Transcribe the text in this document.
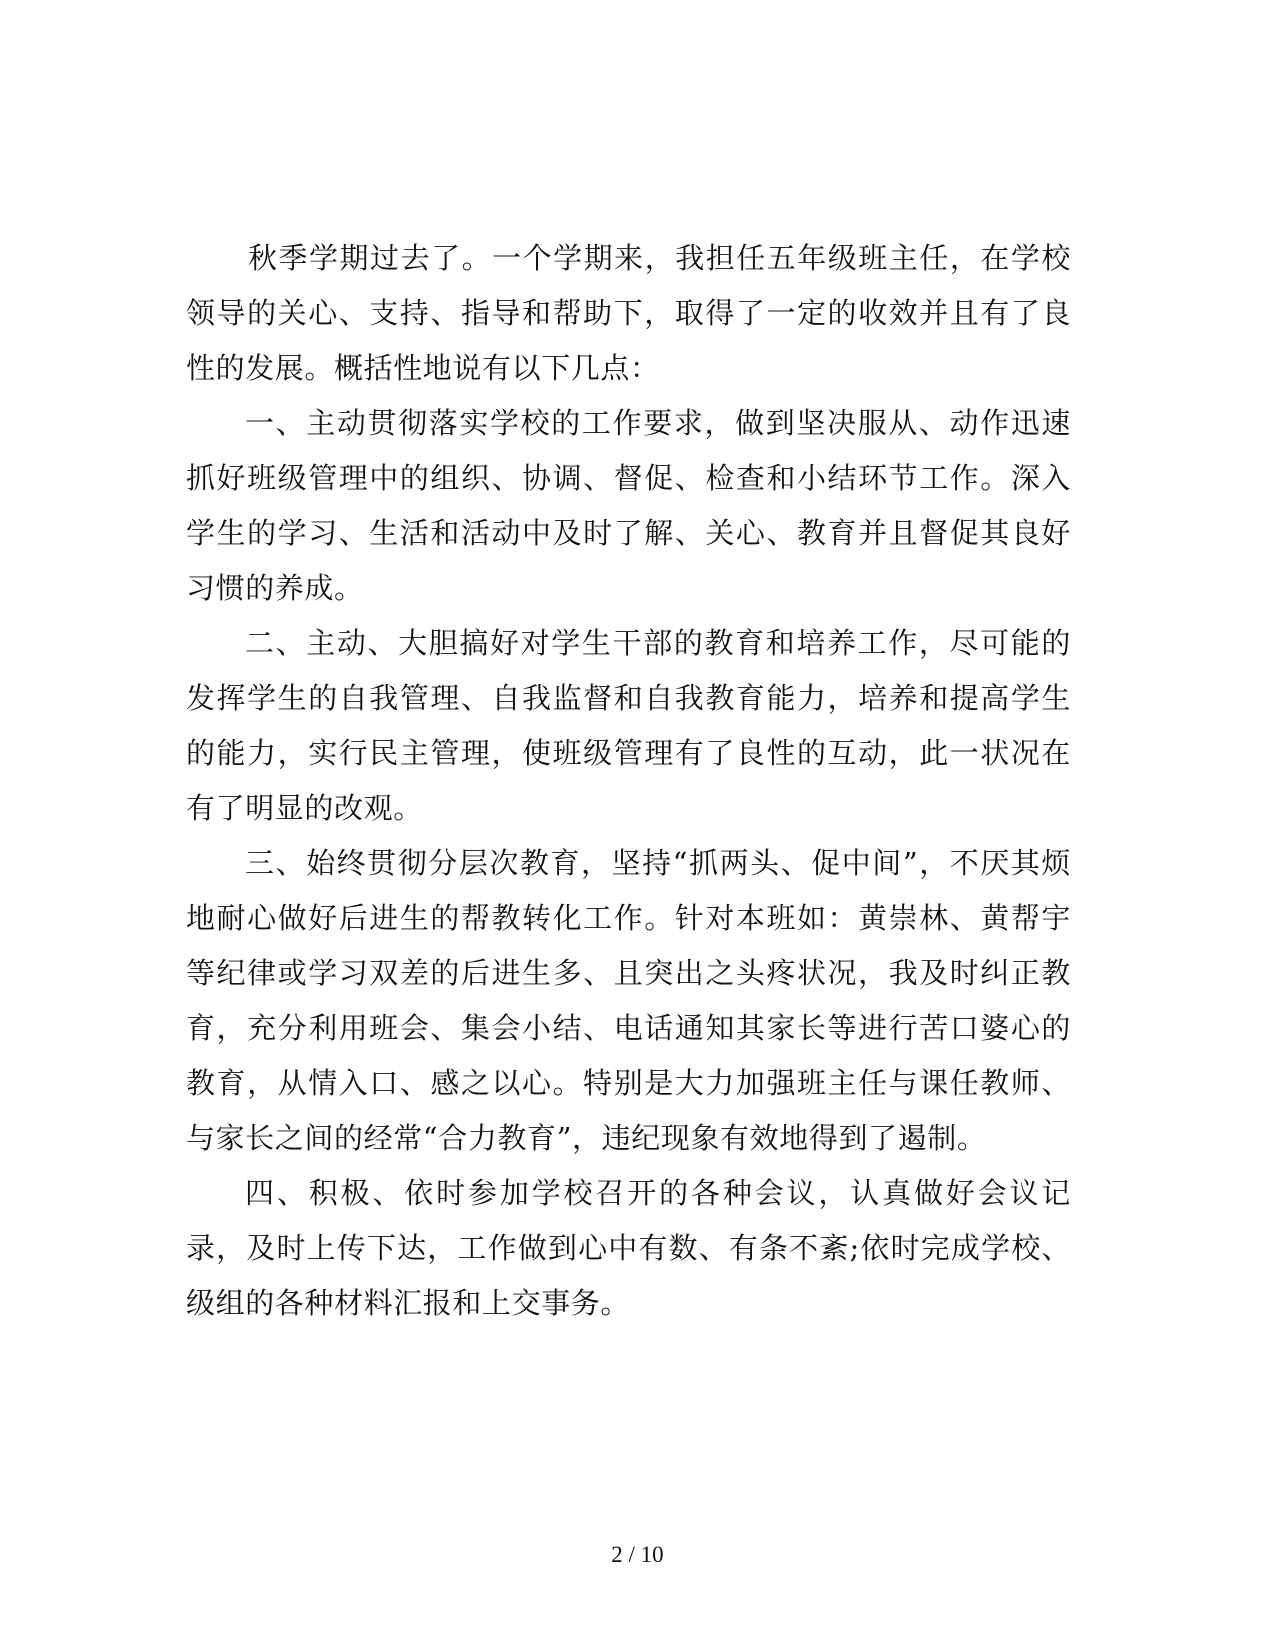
秋季学期过去了。一个学期来，我担任五年级班主任，在学校领导的关心、支持、指导和帮助下，取得了一定的收效并且有了良性的发展。概括性地说有以下几点：

一、主动贯彻落实学校的工作要求，做到坚决服从、动作迅速抓好班级管理中的组织、协调、督促、检查和小结环节工作。深入学生的学习、生活和活动中及时了解、关心、教育并且督促其良好习惯的养成。

二、主动、大胆搞好对学生干部的教育和培养工作，尽可能的发挥学生的自我管理、自我监督和自我教育能力，培养和提高学生的能力，实行民主管理，使班级管理有了良性的互动，此一状况在有了明显的改观。

三、始终贯彻分层次教育，坚持“抓两头、促中间”，不厌其烦地耐心做好后进生的帮教转化工作。针对本班如：黄崇林、黄帮宇等纪律或学习双差的后进生多、且突出之头疼状况，我及时纠正教育，充分利用班会、集会小结、电话通知其家长等进行苦口婆心的教育，从情入口、感之以心。特别是大力加强班主任与课任教师、与家长之间的经常“合力教育”，违纪现象有效地得到了遏制。

四、积极、依时参加学校召开的各种会议，认真做好会议记录，及时上传下达，工作做到心中有数、有条不紊;依时完成学校、级组的各种材料汇报和上交事务。

2 / 10
